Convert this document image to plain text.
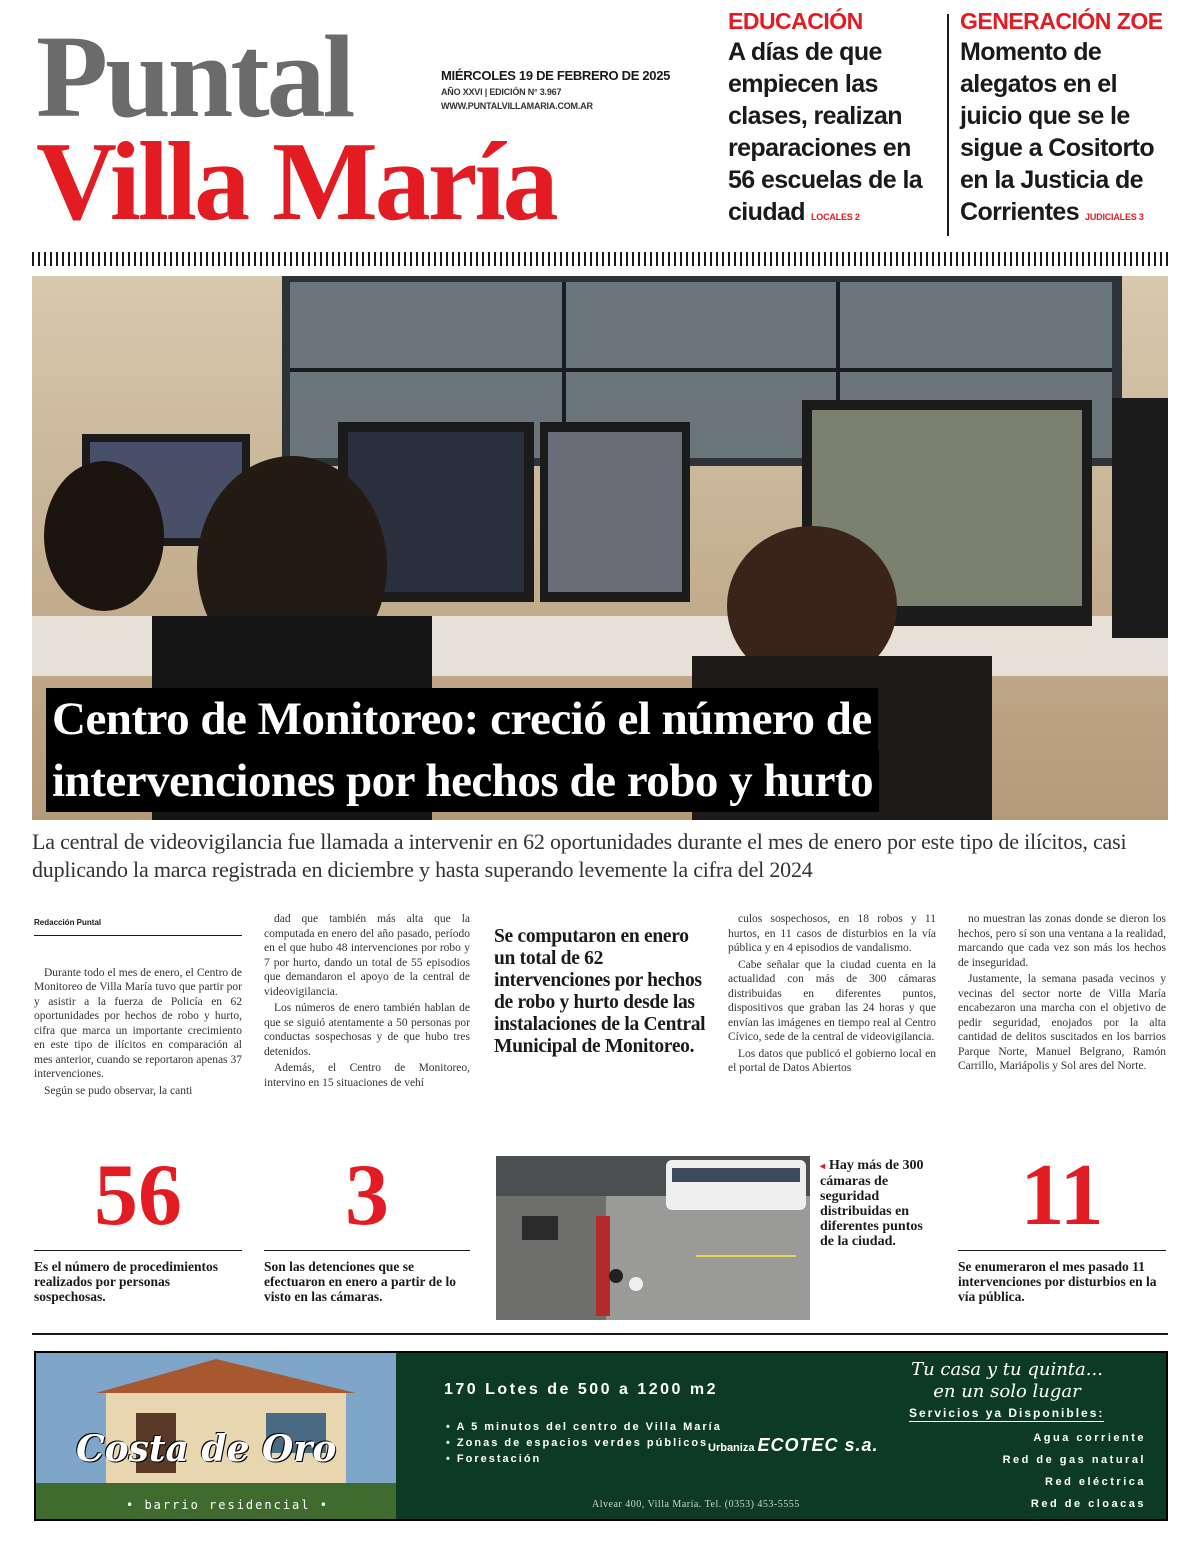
Puntal
Villa María
MIÉRCOLES 19 DE FEBRERO DE 2025
AÑO XXVI | EDICIÓN N° 3.967
WWW.PUNTALVILLAMARIA.COM.AR
EDUCACIÓN
A días de que empiecen las clases, realizan reparaciones en 56 escuelas de la ciudad LOCALES 2
GENERACIÓN ZOE
Momento de alegatos en el juicio que se le sigue a Cositorto en la Justicia de Corrientes JUDICIALES 3
Centro de Monitoreo: creció el número de
intervenciones por hechos de robo y hurto
La central de videovigilancia fue llamada a intervenir en 62 oportunidades durante el mes de enero por este tipo de ilícitos, casi duplicando la marca registrada en diciembre y hasta superando levemente la cifra del 2024
Redacción Puntal

Durante todo el mes de enero, el Centro de Monitoreo de Villa María tuvo que partir por y asistir a la fuerza de Policía en 62 oportunidades por hechos de robo y hurto, cifra que marca un importante crecimiento en este tipo de ilícitos en comparación al mes anterior, cuando se reportaron apenas 37 intervenciones.

Según se pudo observar, la canti

dad que también más alta que la computada en enero del año pasado, período en el que hubo 48 intervenciones por robo y 7 por hurto, dando un total de 55 episodios que demandaron el apoyo de la central de videovigilancia.

Los números de enero también hablan de que se siguió atentamente a 50 personas por conductas sospechosas y de que hubo tres detenidos.

Además, el Centro de Monitoreo, intervino en 15 situaciones de vehí

Se computaron en enero un total de 62 intervenciones por hechos de robo y hurto desde las instalaciones de la Central Municipal de Monitoreo.

culos sospechosos, en 18 robos y 11 hurtos, en 11 casos de disturbios en la vía pública y en 4 episodios de vandalismo.

Cabe señalar que la ciudad cuenta en la actualidad con más de 300 cámaras distribuidas en diferentes puntos, dispositivos que graban las 24 horas y que envían las imágenes en tiempo real al Centro Cívico, sede de la central de videovigilancia.

Los datos que publicó el gobierno local en el portal de Datos Abiertos

no muestran las zonas donde se dieron los hechos, pero sí son una ventana a la realidad, marcando que cada vez son más los hechos de inseguridad.

Justamente, la semana pasada vecinos y vecinas del sector norte de Villa María encabezaron una marcha con el objetivo de pedir seguridad, enojados por la alta cantidad de delitos suscitados en los barrios Parque Norte, Manuel Belgrano, Ramón Carrillo, Mariápolis y Sol ares del Norte.

56
Es el número de procedimientos realizados por personas sospechosas.
3
Son las detenciones que se efectuaron en enero a partir de lo visto en las cámaras.
◂ Hay más de 300 cámaras de seguridad distribuidas en diferentes puntos de la ciudad.	11
Se enumeraron el mes pasado 11 intervenciones por disturbios en la vía pública.
Costa de Oro
• barrio residencial •
170 Lotes de 500 a 1200 m2
• A 5 minutos del centro de Villa María
• Zonas de espacios verdes públicos
• Forestación
Tu casa y tu quinta...
en un solo lugar
Servicios ya Disponibles:
Agua corriente
Red de gas natural
Red eléctrica
Red de cloacas
Urbaniza ECOTEC s.a.
Alvear 400, Villa María. Tel. (0353) 453-5555
